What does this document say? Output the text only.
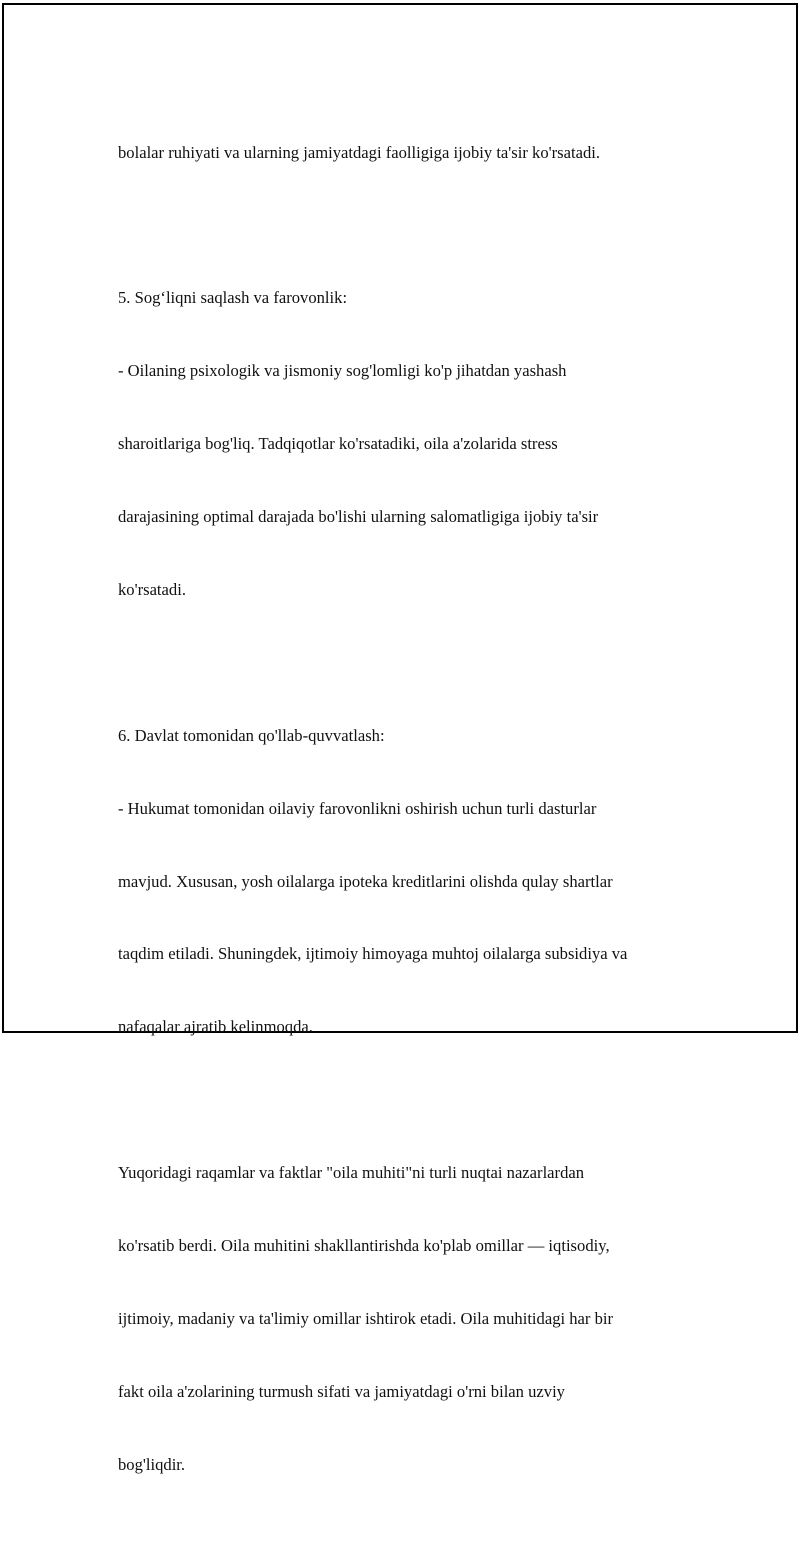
bolalar ruhiyati va ularning jamiyatdagi faolligiga ijobiy ta'sir ko'rsatadi.

5. Sog‘liqni saqlash va farovonlik:

- Oilaning psixologik va jismoniy sog'lomligi ko'p jihatdan yashash

sharoitlariga bog'liq. Tadqiqotlar ko'rsatadiki, oila a'zolarida stress

darajasining optimal darajada bo'lishi ularning salomatligiga ijobiy ta'sir

ko'rsatadi.

6. Davlat tomonidan qo'llab-quvvatlash:

- Hukumat tomonidan oilaviy farovonlikni oshirish uchun turli dasturlar

mavjud. Xususan, yosh oilalarga ipoteka kreditlarini olishda qulay shartlar

taqdim etiladi. Shuningdek, ijtimoiy himoyaga muhtoj oilalarga subsidiya va

nafaqalar ajratib kelinmoqda.

Yuqoridagi raqamlar va faktlar "oila muhiti"ni turli nuqtai nazarlardan

ko'rsatib berdi. Oila muhitini shakllantirishda ko'plab omillar — iqtisodiy,

ijtimoiy, madaniy va ta'limiy omillar ishtirok etadi. Oila muhitidagi har bir

fakt oila a'zolarining turmush sifati va jamiyatdagi o'rni bilan uzviy

bog'liqdir.
